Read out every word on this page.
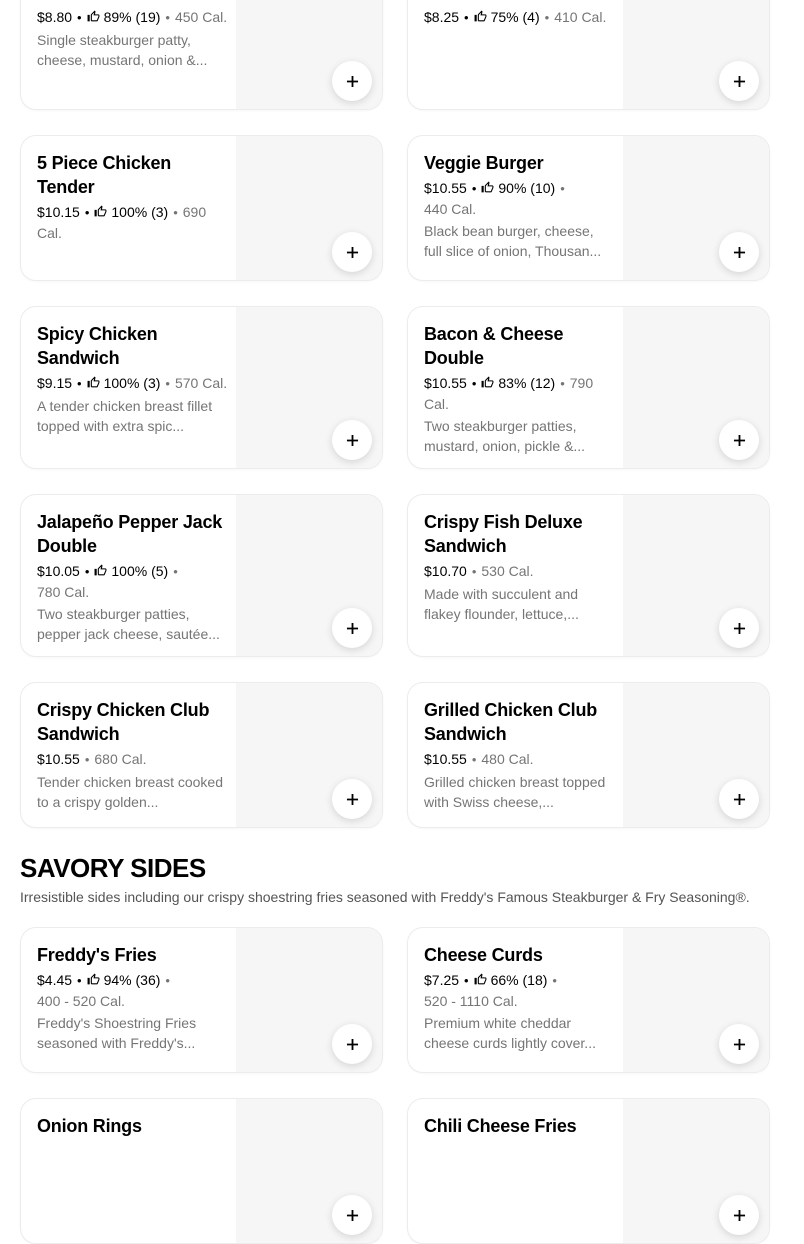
$8.80 • 89% (19) • 450 Cal.

Single steakburger patty, cheese, mustard, onion &...

$8.25 • 75% (4) • 410 Cal.
5 Piece Chicken Tender
$10.15 • 100% (3) • 690 Cal.
Veggie Burger
$10.55 • 90% (10) •
440 Cal.

Black bean burger, cheese, full slice of onion, Thousan...

Spicy Chicken Sandwich
$9.15 • 100% (3) • 570 Cal.

A tender chicken breast fillet topped with extra spic...

Bacon & Cheese Double
$10.55 • 83% (12) • 790 Cal.

Two steakburger patties, mustard, onion, pickle &...

Jalapeño Pepper Jack Double
$10.05 • 100% (5) •
780 Cal.

Two steakburger patties, pepper jack cheese, sautée...

Crispy Fish Deluxe Sandwich
$10.70 • 530 Cal.

Made with succulent and flakey flounder, lettuce,...

Crispy Chicken Club Sandwich
$10.55 • 680 Cal.

Tender chicken breast cooked to a crispy golden...

Grilled Chicken Club Sandwich
$10.55 • 480 Cal.

Grilled chicken breast topped with Swiss cheese,...

SAVORY SIDES

Irresistible sides including our crispy shoestring fries seasoned with Freddy's Famous Steakburger & Fry Seasoning®.

Freddy's Fries
$4.45 • 94% (36) •
400 - 520 Cal.

Freddy's Shoestring Fries seasoned with Freddy's...

Cheese Curds
$7.25 • 66% (18) •
520 - 1110 Cal.

Premium white cheddar cheese curds lightly cover...

Onion Rings	Chili Cheese Fries
